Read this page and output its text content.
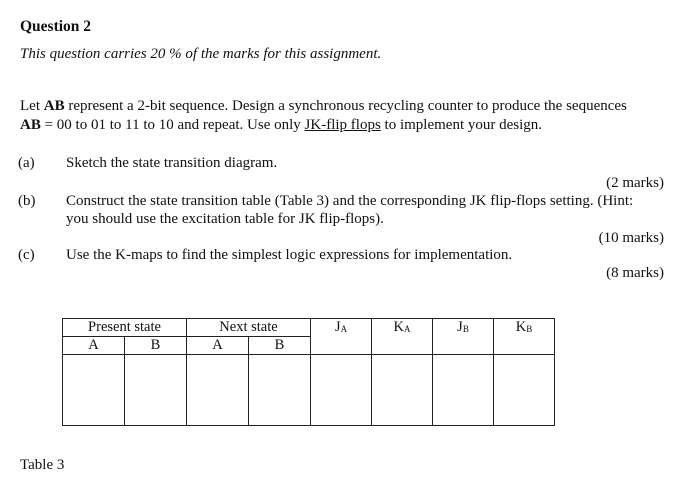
Question 2
This question carries 20 % of the marks for this assignment.
Let AB represent a 2-bit sequence. Design a synchronous recycling counter to produce the sequences
AB = 00 to 01 to 11 to 10 and repeat. Use only JK-flip flops to implement your design.
(a) Sketch the state transition diagram.
(2 marks)
(b) Construct the state transition table (Table 3) and the corresponding JK flip-flops setting. (Hint:
you should use the excitation table for JK flip-flops).
(10 marks)
(c) Use the K-maps to find the simplest logic expressions for implementation.
(8 marks)
Present state		Next state		$J_A$	$K_A$	$J_B$	$K_B$
A	B	A	B				

Table 3
